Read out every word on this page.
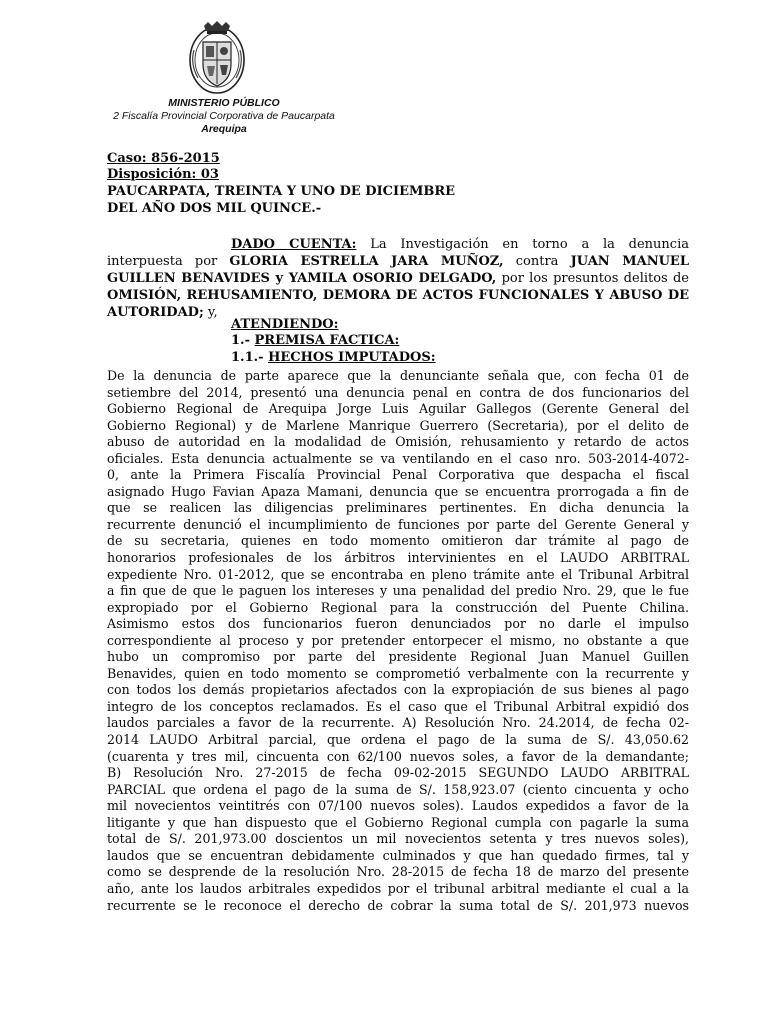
MINISTERIO PÚBLICO
2 Fiscalía Provincial Corporativa de Paucarpata
Arequipa
Caso: 856-2015
Disposición: 03
PAUCARPATA, TREINTA Y UNO DE DICIEMBRE
DEL AÑO DOS MIL QUINCE.-
DADO CUENTA: La Investigación en torno a la denuncia interpuesta por GLORIA ESTRELLA JARA MUÑOZ, contra JUAN MANUEL GUILLEN BENAVIDES y YAMILA OSORIO DELGADO, por los presuntos delitos de OMISIÓN, REHUSAMIENTO, DEMORA DE ACTOS FUNCIONALES Y ABUSO DE AUTORIDAD; y,
ATENDIENDO:
1.- PREMISA FACTICA:
1.1.- HECHOS IMPUTADOS:
De la denuncia de parte aparece que la denunciante señala que, con fecha 01 de
setiembre del 2014, presentó una denuncia penal en contra de dos funcionarios del
Gobierno Regional de Arequipa Jorge Luis Aguilar Gallegos (Gerente General del
Gobierno Regional) y de Marlene Manrique Guerrero (Secretaria), por el delito de
abuso de autoridad en la modalidad de Omisión, rehusamiento y retardo de actos
oficiales. Esta denuncia actualmente se va ventilando en el caso nro. 503-2014-4072-
0, ante la Primera Fiscalía Provincial Penal Corporativa que despacha el fiscal
asignado Hugo Favian Apaza Mamani, denuncia que se encuentra prorrogada a fin de
que se realicen las diligencias preliminares pertinentes. En dicha denuncia la
recurrente denunció el incumplimiento de funciones por parte del Gerente General y
de su secretaria, quienes en todo momento omitieron dar trámite al pago de
honorarios profesionales de los árbitros intervinientes en el LAUDO ARBITRAL
expediente Nro. 01-2012, que se encontraba en pleno trámite ante el Tribunal Arbitral
a fin que de que le paguen los intereses y una penalidad del predio Nro. 29, que le fue
expropiado por el Gobierno Regional para la construcción del Puente Chilina.
Asimismo estos dos funcionarios fueron denunciados por no darle el impulso
correspondiente al proceso y por pretender entorpecer el mismo, no obstante a que
hubo un compromiso por parte del presidente Regional Juan Manuel Guillen
Benavides, quien en todo momento se comprometió verbalmente con la recurrente y
con todos los demás propietarios afectados con la expropiación de sus bienes al pago
integro de los conceptos reclamados. Es el caso que el Tribunal Arbitral expidió dos
laudos parciales a favor de la recurrente. A) Resolución Nro. 24.2014, de fecha 02-
2014 LAUDO Arbitral parcial, que ordena el pago de la suma de S/. 43,050.62
(cuarenta y tres mil, cincuenta con 62/100 nuevos soles, a favor de la demandante;
B) Resolución Nro. 27-2015 de fecha 09-02-2015 SEGUNDO LAUDO ARBITRAL
PARCIAL que ordena el pago de la suma de S/. 158,923.07 (ciento cincuenta y ocho
mil novecientos veintitrés con 07/100 nuevos soles). Laudos expedidos a favor de la
litigante y que han dispuesto que el Gobierno Regional cumpla con pagarle la suma
total de S/. 201,973.00 doscientos un mil novecientos setenta y tres nuevos soles),
laudos que se encuentran debidamente culminados y que han quedado firmes, tal y
como se desprende de la resolución Nro. 28-2015 de fecha 18 de marzo del presente
año, ante los laudos arbitrales expedidos por el tribunal arbitral mediante el cual a la
recurrente se le reconoce el derecho de cobrar la suma total de S/. 201,973 nuevos
